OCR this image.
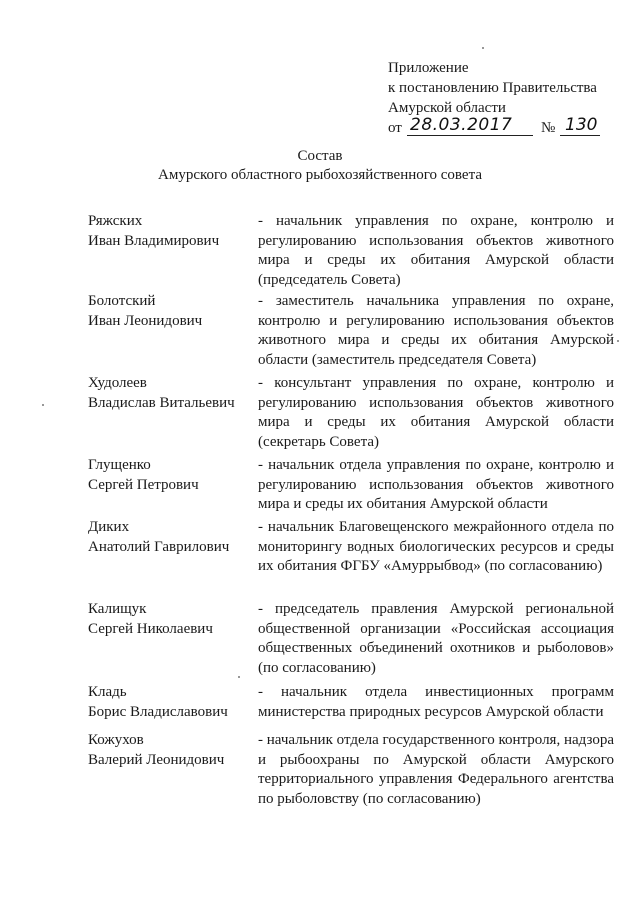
Приложение
к постановлению Правительства
Амурской области
от 28.03.2017 № 130
Состав
Амурского областного рыбохозяйственного совета
Ряжских
Иван Владимирович
- начальник управления по охране, контролю и регулированию использования объектов животного мира и среды их обитания Амурской области (председатель Совета)
Болотский
Иван Леонидович
- заместитель начальника управления по охране, контролю и регулированию использования объектов животного мира и среды их обитания Амурской области (заместитель председателя Совета)
Худолеев
Владислав Витальевич
- консультант управления по охране, контролю и регулированию использования объектов животного мира и среды их обитания Амурской области (секретарь Совета)
Глущенко
Сергей Петрович
- начальник отдела управления по охране, контролю и регулированию использования объектов животного мира и среды их обитания Амурской области
Диких
Анатолий Гаврилович
- начальник Благовещенского межрайонного отдела по мониторингу водных биологических ресурсов и среды их обитания ФГБУ «Амуррыбвод» (по согласованию)
Калищук
Сергей Николаевич
- председатель правления Амурской региональной общественной организации «Российская ассоциация общественных объединений охотников и рыболовов» (по согласованию)
Кладь
Борис Владиславович
- начальник отдела инвестиционных программ министерства природных ресурсов Амурской области
Кожухов
Валерий Леонидович
- начальник отдела государственного контроля, надзора и рыбоохраны по Амурской области Амурского территориального управления Федерального агентства по рыболовству (по согласованию)
